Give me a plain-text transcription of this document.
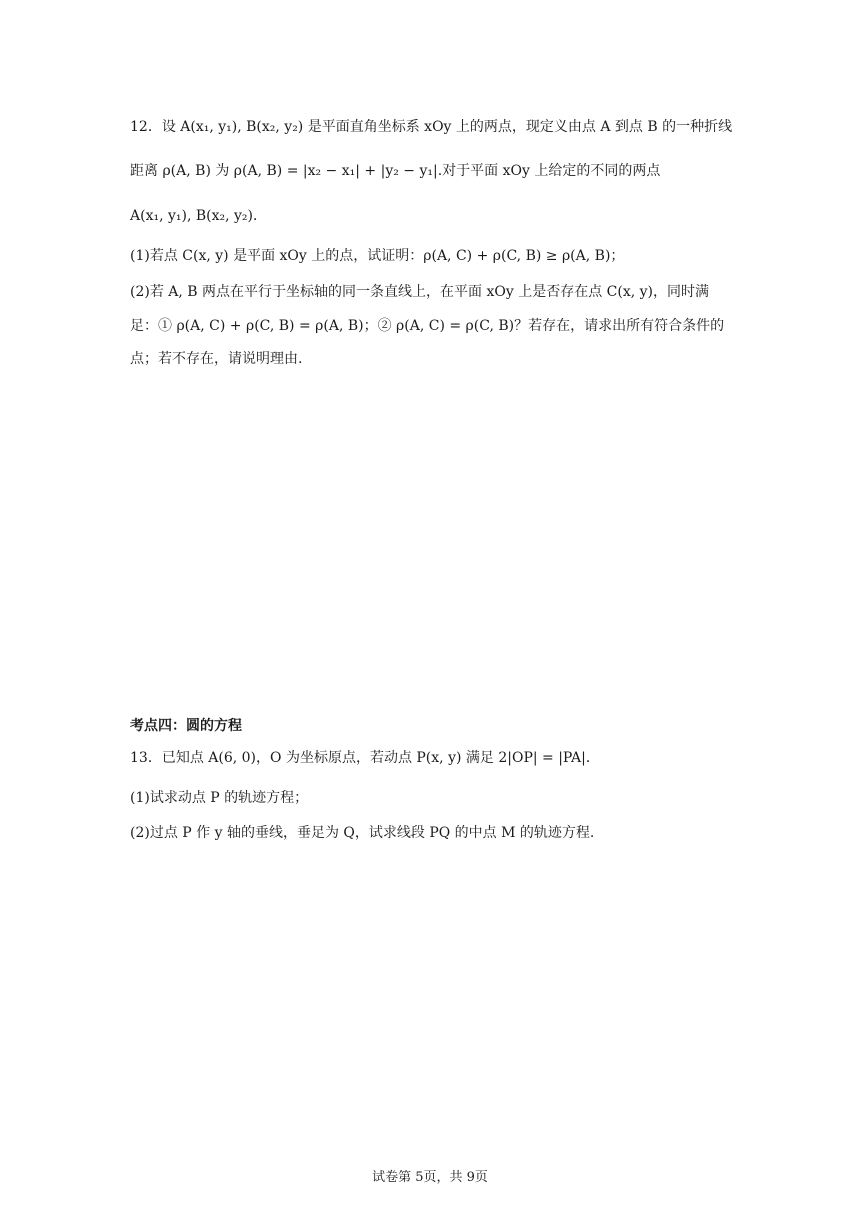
12．设 A(x₁, y₁), B(x₂, y₂) 是平面直角坐标系 xOy 上的两点，现定义由点 A 到点 B 的一种折线
距离 ρ(A, B) 为 ρ(A, B) = |x₂ − x₁| + |y₂ − y₁|.对于平面 xOy 上给定的不同的两点
A(x₁, y₁), B(x₂, y₂)．
(1)若点 C(x, y) 是平面 xOy 上的点，试证明：ρ(A, C) + ρ(C, B) ≥ ρ(A, B)；
(2)若 A, B 两点在平行于坐标轴的同一条直线上，在平面 xOy 上是否存在点 C(x, y)，同时满
足：① ρ(A, C) + ρ(C, B) = ρ(A, B)；② ρ(A, C) = ρ(C, B)？若存在，请求出所有符合条件的
点；若不存在，请说明理由.
考点四：圆的方程
13．已知点 A(6, 0)，O 为坐标原点，若动点 P(x, y) 满足 2|OP| = |PA|．
(1)试求动点 P 的轨迹方程；
(2)过点 P 作 y 轴的垂线，垂足为 Q，试求线段 PQ 的中点 M 的轨迹方程.
试卷第 5页，共 9页
